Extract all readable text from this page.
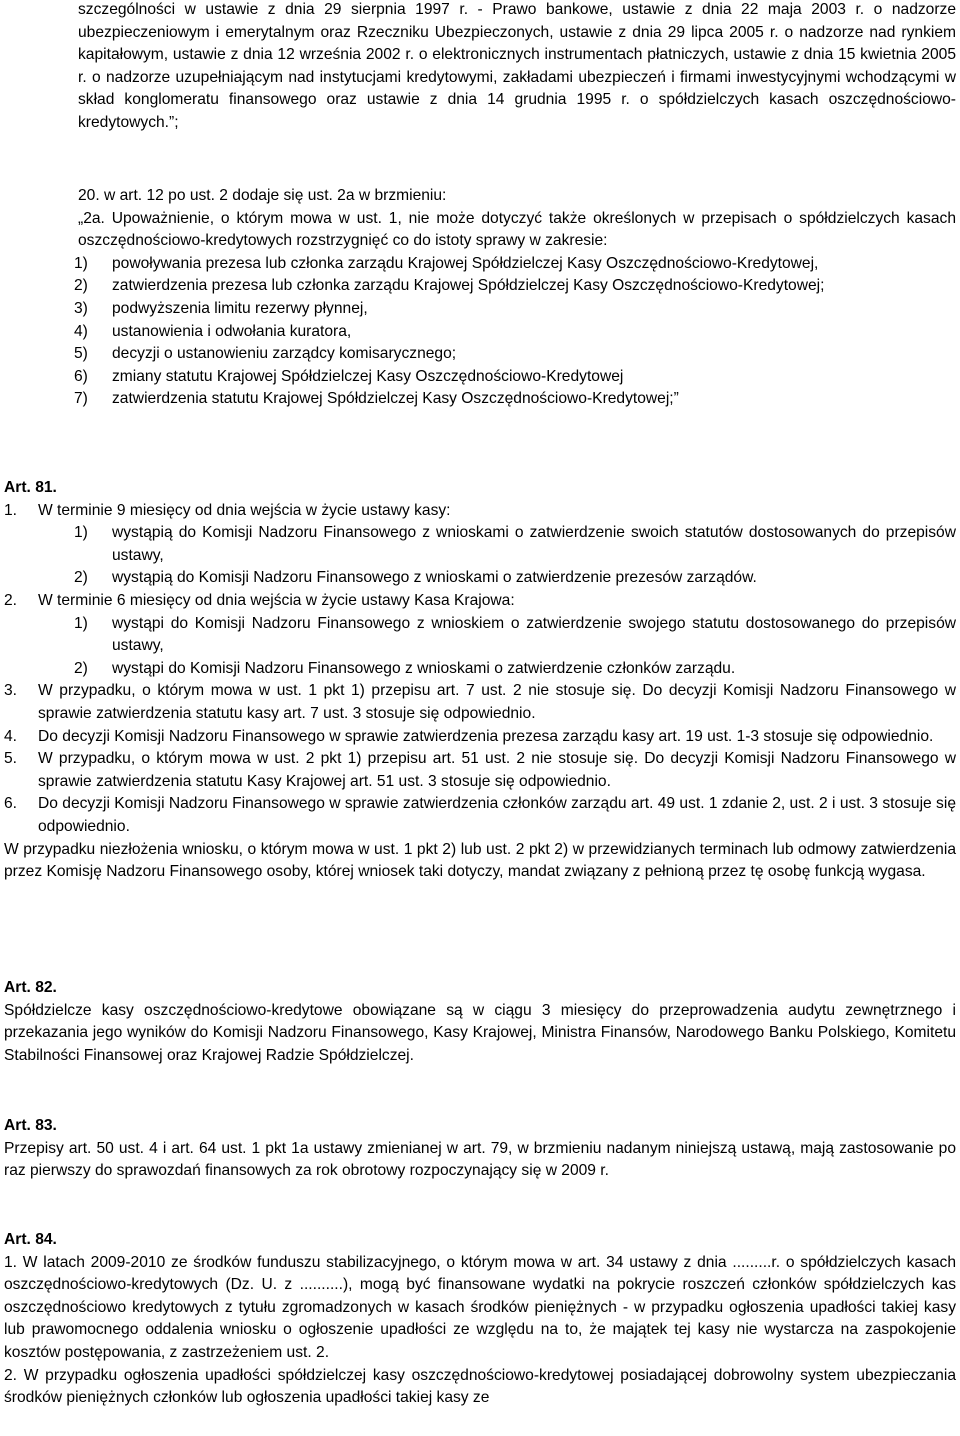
szczególności w ustawie z dnia 29 sierpnia 1997 r. - Prawo bankowe, ustawie z dnia 22 maja 2003 r. o nadzorze ubezpieczeniowym i emerytalnym oraz Rzeczniku Ubezpieczonych, ustawie z dnia 29 lipca 2005 r. o nadzorze nad rynkiem kapitałowym, ustawie z dnia 12 września 2002 r. o elektronicznych instrumentach płatniczych, ustawie z dnia 15 kwietnia 2005 r. o nadzorze uzupełniającym nad instytucjami kredytowymi, zakładami ubezpieczeń i firmami inwestycyjnymi wchodzącymi w skład konglomeratu finansowego oraz ustawie z dnia 14 grudnia 1995 r. o spółdzielczych kasach oszczędnościowo-kredytowych.”;

20. w art. 12 po ust. 2 dodaje się ust. 2a w brzmieniu:

„2a. Upoważnienie, o którym mowa w ust. 1, nie może dotyczyć także określonych w przepisach o spółdzielczych kasach oszczędnościowo-kredytowych rozstrzygnięć co do istoty sprawy w zakresie:

1) powoływania prezesa lub członka zarządu Krajowej Spółdzielczej Kasy Oszczędnościowo-Kredytowej,

2) zatwierdzenia prezesa lub członka zarządu Krajowej Spółdzielczej Kasy Oszczędnościowo-Kredytowej;

3) podwyższenia limitu rezerwy płynnej,

4) ustanowienia i odwołania kuratora,

5) decyzji o ustanowieniu zarządcy komisarycznego;

6) zmiany statutu Krajowej Spółdzielczej Kasy Oszczędnościowo-Kredytowej

7) zatwierdzenia statutu Krajowej Spółdzielczej Kasy Oszczędnościowo-Kredytowej;”

Art. 81.

1. W terminie 9 miesięcy od dnia wejścia w życie ustawy kasy:

1) wystąpią do Komisji Nadzoru Finansowego z wnioskami o zatwierdzenie swoich statutów dostosowanych do przepisów ustawy,

2) wystąpią do Komisji Nadzoru Finansowego z wnioskami o zatwierdzenie prezesów zarządów.

2. W terminie 6 miesięcy od dnia wejścia w życie ustawy Kasa Krajowa:

1) wystąpi do Komisji Nadzoru Finansowego z wnioskiem o zatwierdzenie swojego statutu dostosowanego do przepisów ustawy,

2) wystąpi do Komisji Nadzoru Finansowego z wnioskami o zatwierdzenie członków zarządu.

3. W przypadku, o którym mowa w ust. 1 pkt 1) przepisu art. 7 ust. 2 nie stosuje się. Do decyzji Komisji Nadzoru Finansowego w sprawie zatwierdzenia statutu kasy art. 7 ust. 3 stosuje się odpowiednio.

4. Do decyzji Komisji Nadzoru Finansowego w sprawie zatwierdzenia prezesa zarządu kasy art. 19 ust. 1-3 stosuje się odpowiednio.

5. W przypadku, o którym mowa w ust. 2 pkt 1) przepisu art. 51 ust. 2 nie stosuje się. Do decyzji Komisji Nadzoru Finansowego w sprawie zatwierdzenia statutu Kasy Krajowej art. 51 ust. 3 stosuje się odpowiednio.

6. Do decyzji Komisji Nadzoru Finansowego w sprawie zatwierdzenia członków zarządu art. 49 ust. 1 zdanie 2, ust. 2 i ust. 3 stosuje się odpowiednio.

W przypadku niezłożenia wniosku, o którym mowa w ust. 1 pkt 2) lub ust. 2 pkt 2) w przewidzianych terminach lub odmowy zatwierdzenia przez Komisję Nadzoru Finansowego osoby, której wniosek taki dotyczy, mandat związany z pełnioną przez tę osobę funkcją wygasa.

Art. 82.

Spółdzielcze kasy oszczędnościowo-kredytowe obowiązane są w ciągu 3 miesięcy do przeprowadzenia audytu zewnętrznego i przekazania jego wyników do Komisji Nadzoru Finansowego, Kasy Krajowej, Ministra Finansów, Narodowego Banku Polskiego, Komitetu Stabilności Finansowej oraz Krajowej Radzie Spółdzielczej.

Art. 83.

Przepisy art. 50 ust. 4 i art. 64 ust. 1 pkt 1a ustawy zmienianej w art. 79, w brzmieniu nadanym niniejszą ustawą, mają zastosowanie po raz pierwszy do sprawozdań finansowych za rok obrotowy rozpoczynający się w 2009 r.

Art. 84.

1. W latach 2009-2010 ze środków funduszu stabilizacyjnego, o którym mowa w art. 34 ustawy z dnia .........r. o spółdzielczych kasach oszczędnościowo-kredytowych (Dz. U. z ..........), mogą być finansowane wydatki na pokrycie roszczeń członków spółdzielczych kas oszczędnościowo kredytowych z tytułu zgromadzonych w kasach środków pieniężnych - w przypadku ogłoszenia upadłości takiej kasy lub prawomocnego oddalenia wniosku o ogłoszenie upadłości ze względu na to, że majątek tej kasy nie wystarcza na zaspokojenie kosztów postępowania, z zastrzeżeniem ust. 2.

2. W przypadku ogłoszenia upadłości spółdzielczej kasy oszczędnościowo-kredytowej posiadającej dobrowolny system ubezpieczania środków pieniężnych członków lub ogłoszenia upadłości takiej kasy ze
